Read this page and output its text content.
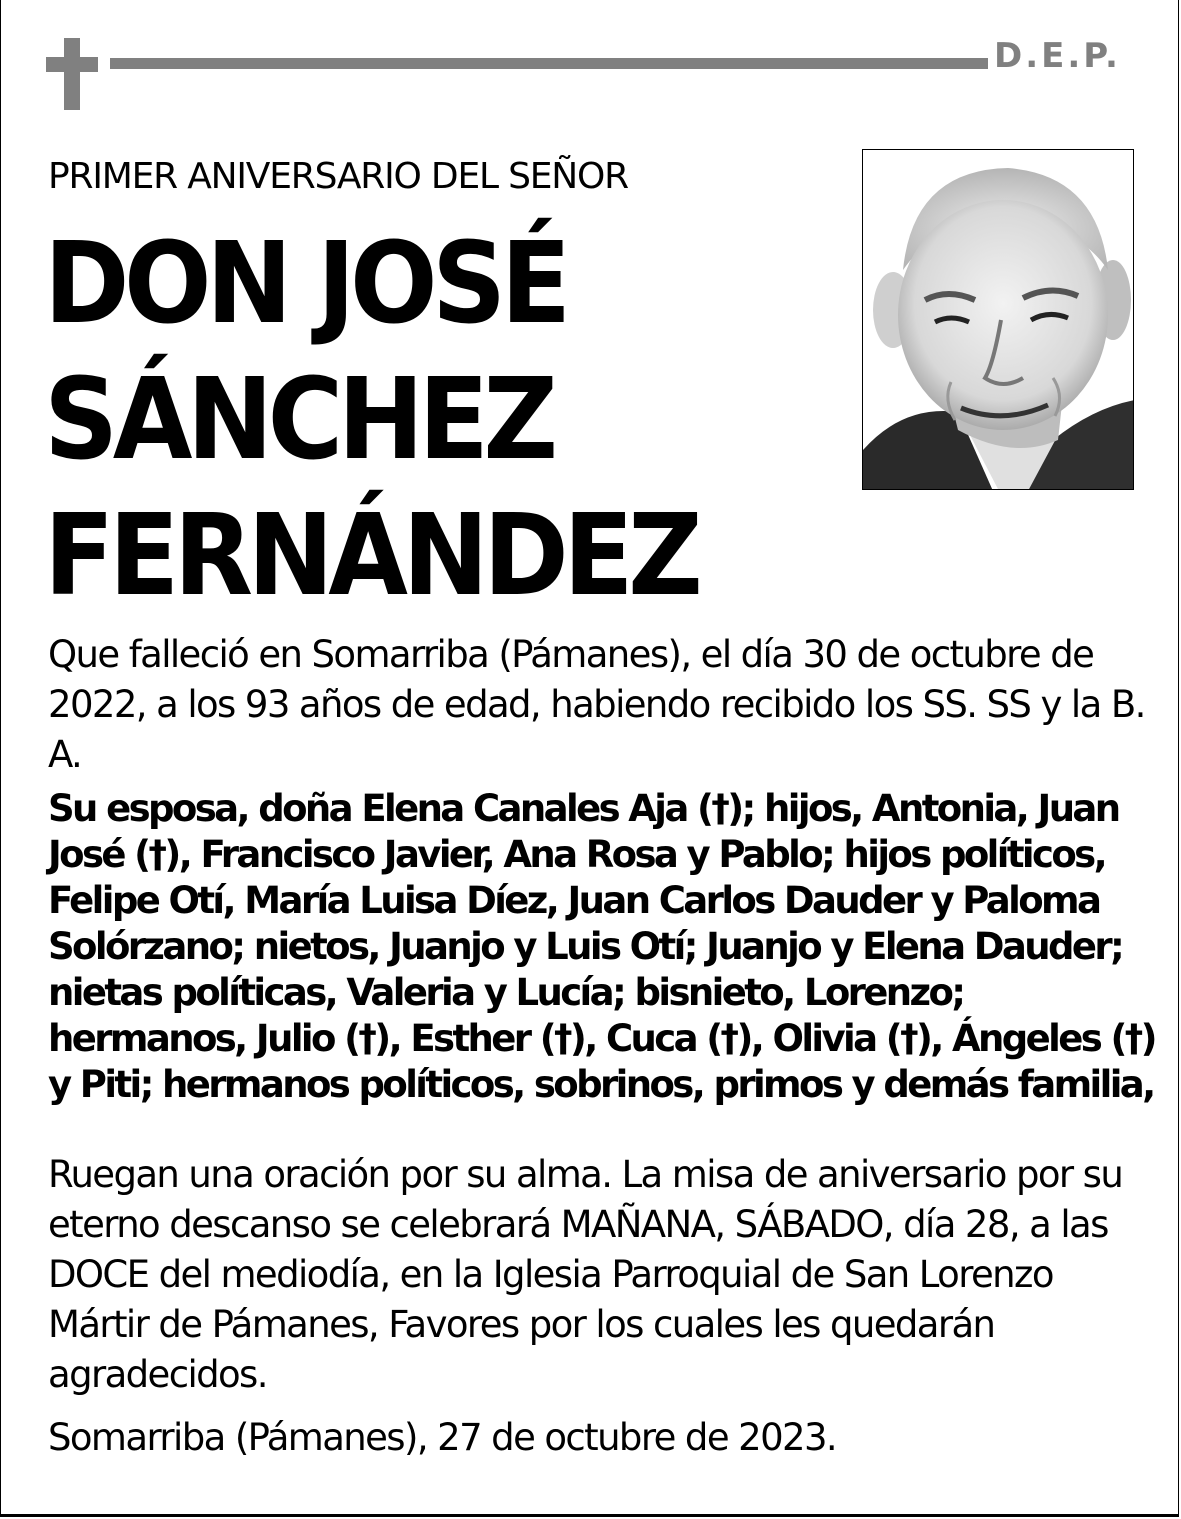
D.E.P.
PRIMER ANIVERSARIO DEL SEÑOR
DON JOSÉ
SÁNCHEZ
FERNÁNDEZ
Que falleció en Somarriba (Pámanes), el día 30 de octubre de 2022, a los 93 años de edad, habiendo recibido los SS. SS y la B. A.
Su esposa, doña Elena Canales Aja (†); hijos, Antonia, Juan José (†), Francisco Javier, Ana Rosa y Pablo; hijos políticos, Felipe Otí, María Luisa Díez, Juan Carlos Dauder y Paloma Solórzano; nietos, Juanjo y Luis Otí; Juanjo y Elena Dauder; nietas políticas, Valeria y Lucía; bisnieto, Lorenzo; hermanos, Julio (†), Esther (†), Cuca (†), Olivia (†), Ángeles (†) y Piti; hermanos políticos, sobrinos, primos y demás familia,
Ruegan una oración por su alma. La misa de aniversario por su eterno descanso se celebrará MAÑANA, SÁBADO, día 28, a las DOCE del mediodía, en la Iglesia Parroquial de San Lorenzo Mártir de Pámanes, Favores por los cuales les quedarán agradecidos.
Somarriba (Pámanes), 27 de octubre de 2023.
